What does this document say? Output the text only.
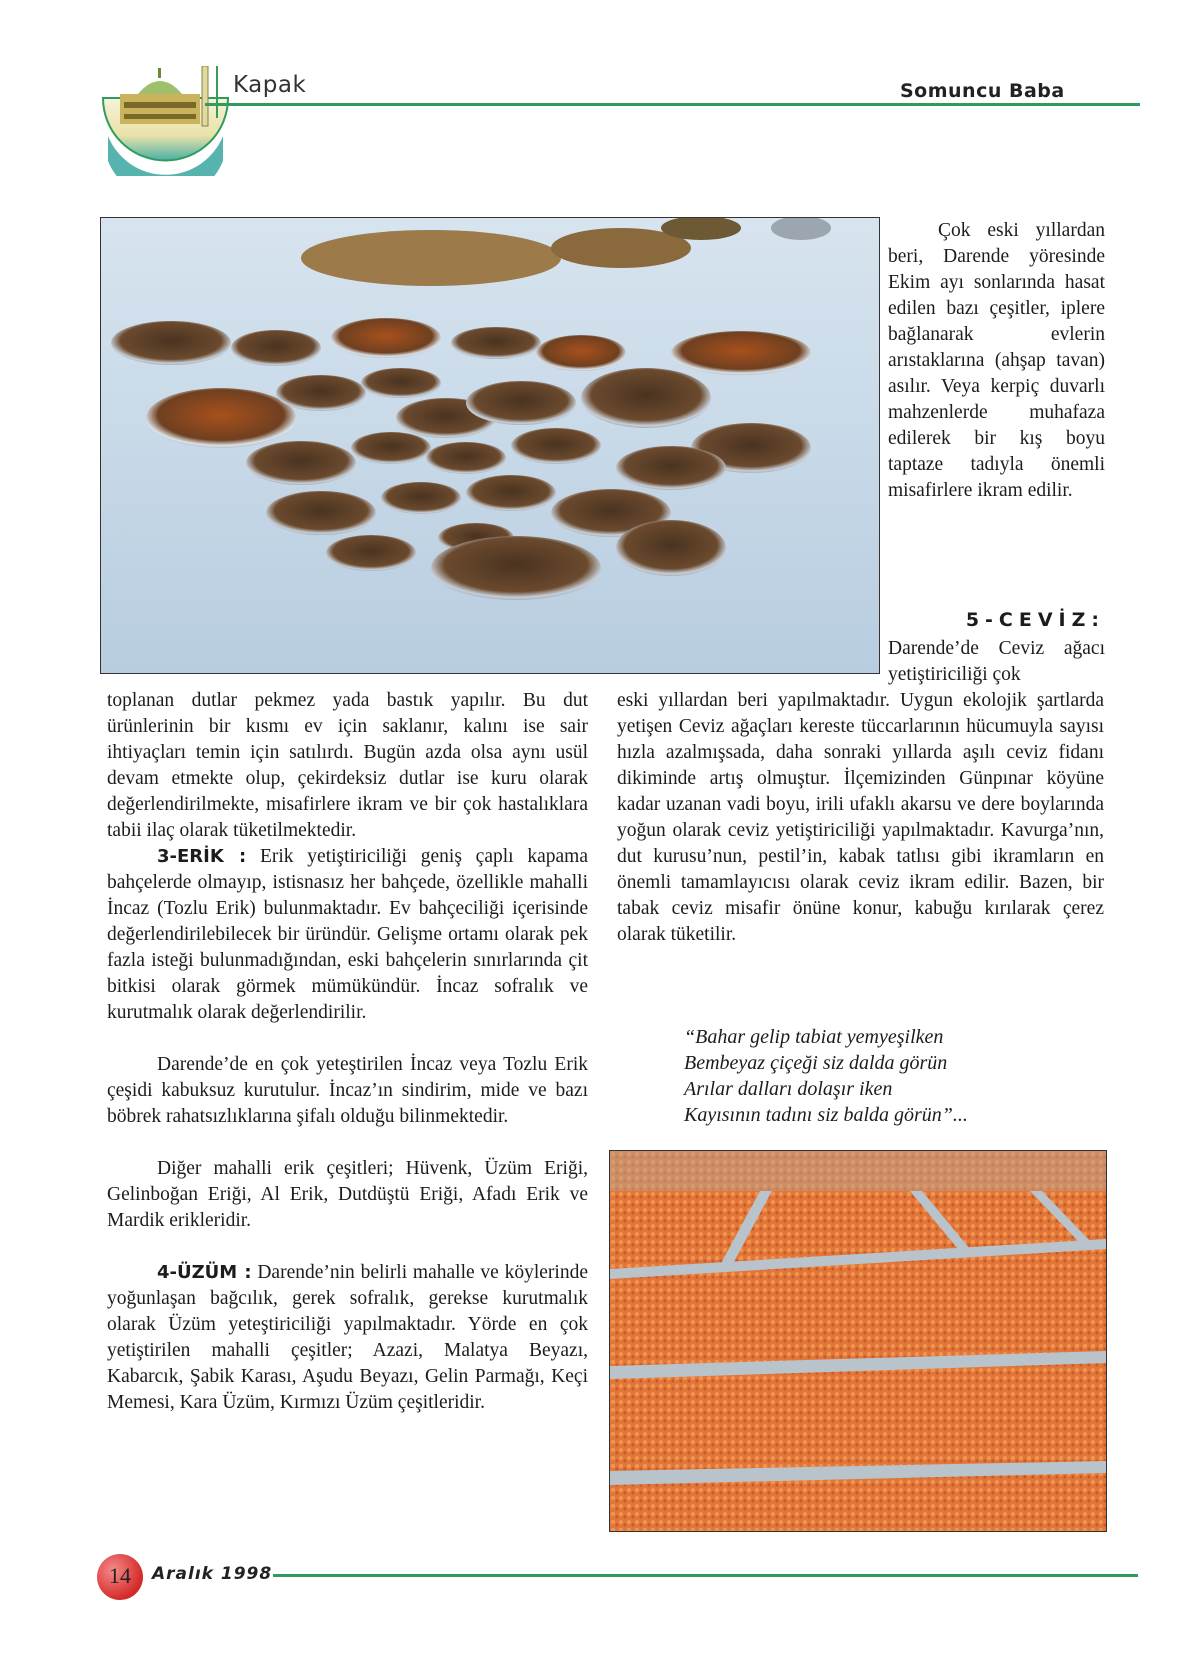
Kapak	Somuncu Baba

Çok eski yıllardan beri, Darende yöresinde Ekim ayı sonlarında hasat edilen bazı çeşitler, iplere bağlanarak evlerin arıstaklarına (ahşap tavan) asılır. Veya kerpiç duvarlı mahzenlerde muhafaza edilerek bir kış boyu taptaze tadıyla önemli misafirlere ikram edilir.

5-CEVİZ:

Darende’de Ceviz ağacı yetiştiriciliği çok

eski yıllardan beri yapılmaktadır. Uygun ekolojik şartlarda yetişen Ceviz ağaçları kereste tüccarlarının hücumuyla sayısı hızla azalmışsada, daha sonraki yıllarda aşılı ceviz fidanı dikiminde artış olmuştur. İlçemizinden Günpınar köyüne kadar uzanan vadi boyu, irili ufaklı akarsu ve dere boylarında yoğun olarak ceviz yetiştiriciliği yapılmaktadır. Kavurga’nın, dut kurusu’nun, pestil’in, kabak tatlısı gibi ikramların en önemli tamamlayıcısı olarak ceviz ikram edilir. Bazen, bir tabak ceviz misafir önüne konur, kabuğu kırılarak çerez olarak tüketilir.

toplanan dutlar pekmez yada bastık yapılır. Bu dut ürünlerinin bir kısmı ev için saklanır, kalını ise sair ihtiyaçları temin için satılırdı. Bugün azda olsa aynı usül devam etmekte olup, çekirdeksiz dutlar ise kuru olarak değerlendirilmekte, misafirlere ikram ve bir çok hastalıklara tabii ilaç olarak tüketilmektedir.

3-ERİK : Erik yetiştiriciliği geniş çaplı kapama bahçelerde olmayıp, istisnasız her bahçede, özellikle mahalli İncaz (Tozlu Erik) bulunmaktadır. Ev bahçeciliği içerisinde değerlendirilebilecek bir üründür. Gelişme ortamı olarak pek fazla isteği bulunmadığından, eski bahçelerin sınırlarında çit bitkisi olarak görmek mümükündür. İncaz sofralık ve kurutmalık olarak değerlendirilir.

Darende’de en çok yeteştirilen İncaz veya Tozlu Erik çeşidi kabuksuz kurutulur. İncaz’ın sindirim, mide ve bazı böbrek rahatsızlıklarına şifalı olduğu bilinmektedir.

Diğer mahalli erik çeşitleri; Hüvenk, Üzüm Eriği, Gelinboğan Eriği, Al Erik, Dutdüştü Eriği, Afadı Erik ve Mardik erikleridir.

4-ÜZÜM : Darende’nin belirli mahalle ve köylerinde yoğunlaşan bağcılık, gerek sofralık, gerekse kurutmalık olarak Üzüm yeteştiriciliği yapılmaktadır. Yörde en çok yetiştirilen mahalli çeşitler; Azazi, Malatya Beyazı, Kabarcık, Şabik Karası, Aşudu Beyazı, Gelin Parmağı, Keçi Memesi, Kara Üzüm, Kırmızı Üzüm çeşitleridir.

“Bahar gelip tabiat yemyeşilken
Bembeyaz çiçeği siz dalda görün
Arılar dalları dolaşır iken
Kayısının tadını siz balda görün”...
14	Aralık 1998
